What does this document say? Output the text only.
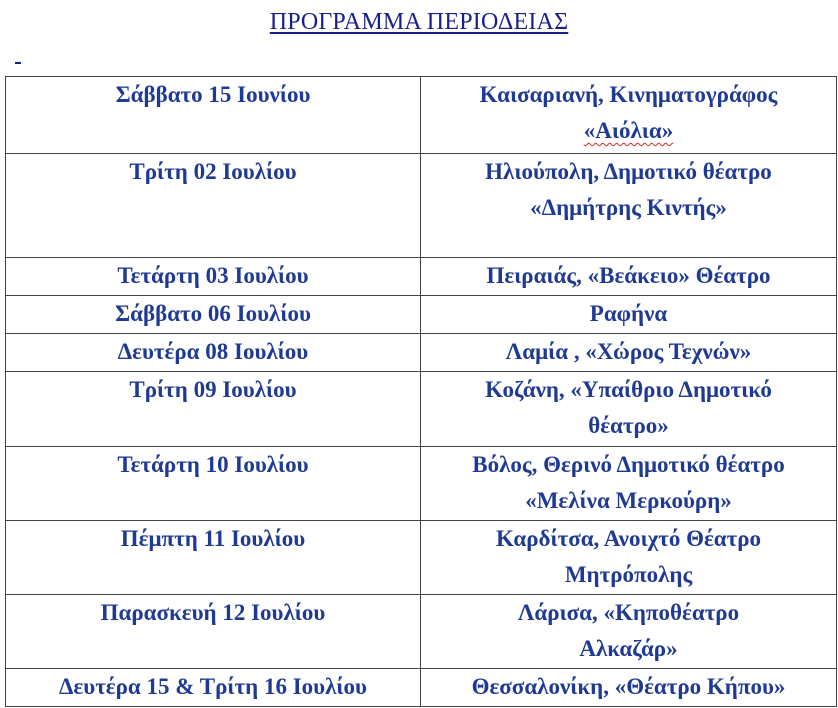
ΠΡΟΓΡΑΜΜΑ ΠΕΡΙΟΔΕΙΑΣ
Σάββατο 15 Ιουνίου	Καισαριανή, Κινηματογράφος
«Αιόλια»

Τρίτη 02 Ιουλίου	Ηλιούπολη, Δημοτικό θέατρο
«Δημήτρης Κιντής»

Τετάρτη 03 Ιουλίου	Πειραιάς, «Βεάκειο» Θέατρο

Σάββατο 06 Ιουλίου	Ραφήνα

Δευτέρα 08 Ιουλίου	Λαμία , «Χώρος Τεχνών»

Τρίτη 09 Ιουλίου	Κοζάνη, «Υπαίθριο Δημοτικό
θέατρο»

Τετάρτη 10 Ιουλίου	Βόλος, Θερινό Δημοτικό θέατρο
«Μελίνα Μερκούρη»

Πέμπτη 11 Ιουλίου	Καρδίτσα, Ανοιχτό Θέατρο
Μητρόπολης

Παρασκευή 12 Ιουλίου	Λάρισα, «Κηποθέατρο
Αλκαζάρ»

Δευτέρα 15 & Τρίτη 16 Ιουλίου	Θεσσαλονίκη, «Θέατρο Κήπου»
